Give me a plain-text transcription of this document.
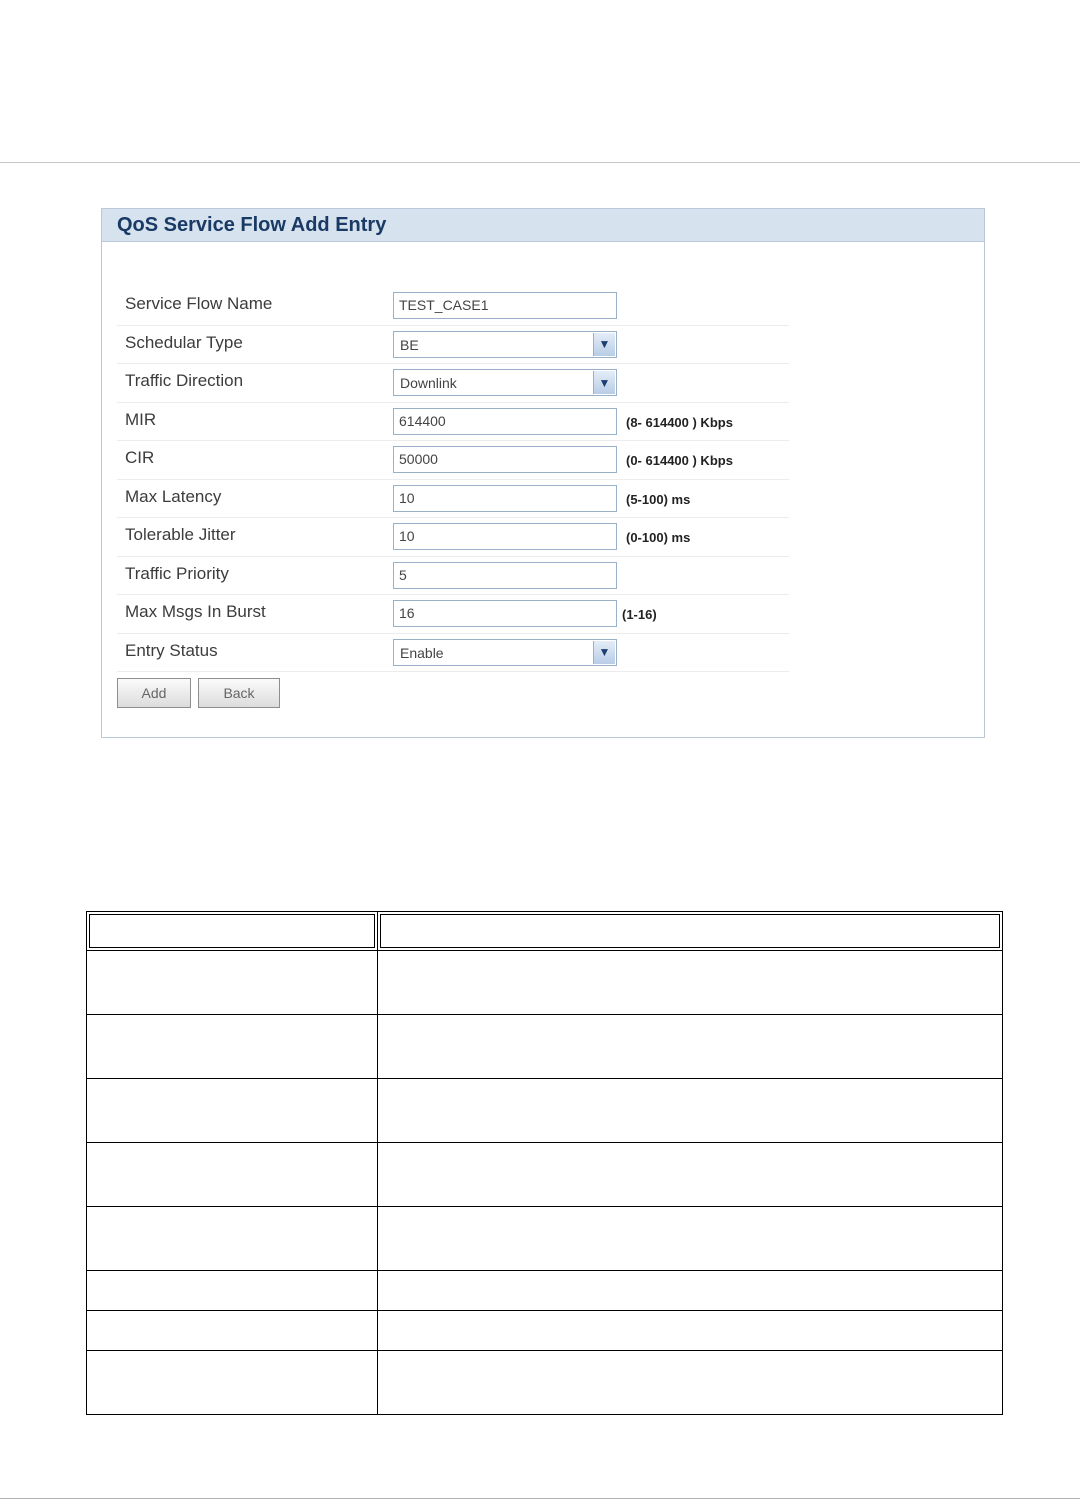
QoS Service Flow Add Entry
Service Flow Name	TEST_CASE1
Schedular Type	BE	▼
Traffic Direction	Downlink	▼
MIR	614400	(8- 614400 ) Kbps
CIR	50000	(0- 614400 ) Kbps
Max Latency	10	(5-100) ms
Tolerable Jitter	10	(0-100) ms
Traffic Priority	5
Max Msgs In Burst	16	(1-16)
Entry Status	Enable	▼
Add	Back
